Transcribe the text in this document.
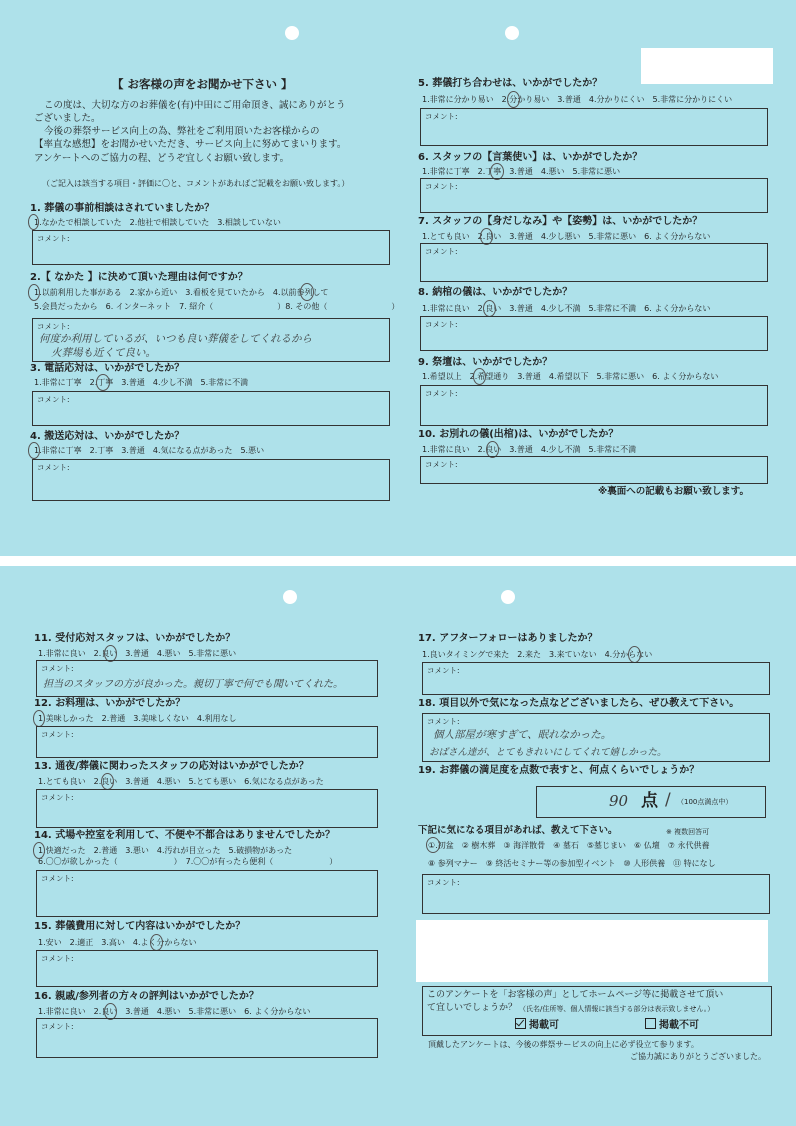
【 お客様の声をお聞かせ下さい 】
この度は、大切な方のお葬儀を(有)中田にご用命頂き、誠にありがとう
ございました。
今後の葬祭サービス向上の為、弊社をご利用頂いたお客様からの
【率直な感想】をお聞かせいただき、サービス向上に努めてまいります。
アンケートへのご協力の程、どうぞ宜しくお願い致します。
（ご記入は該当する項目・評価に〇と、コメントがあればご記載をお願い致します。）
1. 葬儀の事前相談はされていましたか？
1.なかたで相談していた　2.他社で相談していた　3.相談していない
コメント:
2.【 なかた 】に決めて頂いた理由は何ですか？
1.以前利用した事がある　2.家から近い　3.看板を見ていたから　4.以前参列して
5.会員だったから　6. インターネット　7. 紹介（　　　　　　　　）8. その他（　　　　　　　　）
コメント:
何度か利用しているが、いつも良い葬儀をしてくれるから
火葬場も近くて良い。
3. 電話応対は、いかがでしたか？
1.非常に丁寧　2.丁寧　3.普通　4.少し不満　5.非常に不満
コメント:
4. 搬送応対は、いかがでしたか？
1.非常に丁寧　2.丁寧　3.普通　4.気になる点があった　5.悪い
コメント:
5. 葬儀打ち合わせは、いかがでしたか？
1.非常に分かり易い　2.分かり易い　3.普通　4.分かりにくい　5.非常に分かりにくい
コメント:
6. スタッフの【言葉使い】は、いかがでしたか？
1.非常に丁寧　2.丁寧　3.普通　4.悪い　5.非常に悪い
コメント:
7. スタッフの【身だしなみ】や【姿勢】は、いかがでしたか？
1.とても良い　2.良い　3.普通　4.少し悪い　5.非常に悪い　6. よく分からない
コメント:
8. 納棺の儀は、いかがでしたか？
1.非常に良い　2.良い　3.普通　4.少し不満　5.非常に不満　6. よく分からない
コメント:
9. 祭壇は、いかがでしたか？
1.希望以上　2.希望通り　3.普通　4.希望以下　5.非常に悪い　6. よく分からない
コメント:
10. お別れの儀(出棺)は、いかがでしたか？
1.非常に良い　2.良い　3.普通　4.少し不満　5.非常に不満
コメント:
※裏面への記載もお願い致します。
11. 受付応対スタッフは、いかがでしたか？
1.非常に良い　2.良い　3.普通　4.悪い　5.非常に悪い
コメント:
担当のスタッフの方が良かった。親切丁寧で何でも聞いてくれた。
12. お料理は、いかがでしたか？
1.美味しかった　2.普通　3.美味しくない　4.利用なし
コメント:
13. 通夜/葬儀に関わったスタッフの応対はいかがでしたか？
1.とても良い　2.良い　3.普通　4.悪い　5.とても悪い　6.気になる点があった
コメント:
14. 式場や控室を利用して、不便や不都合はありませんでしたか？
1.快適だった　2.普通　3.悪い　4.汚れが目立った　5.破損物があった
6.〇〇が欲しかった（　　　　　　　）　7.〇〇が有ったら便利（　　　　　　　）
コメント:
15. 葬儀費用に対して内容はいかがでしたか？
1.安い　2.適正　3.高い　4.よく分からない
コメント:
16. 親戚/参列者の方々の評判はいかがでしたか？
1.非常に良い　2.良い　3.普通　4.悪い　5.非常に悪い　6. よく分からない
コメント:
17. アフターフォローはありましたか？
1.良いタイミングで来た　2.来た　3.来ていない　4.分からない
コメント:
18. 項目以外で気になった点などございましたら、ぜひ教えて下さい。
コメント:
個人部屋が寒すぎて、眠れなかった。
おばさん達が、とてもきれいにしてくれて嬉しかった。
19. お葬儀の満足度を点数で表すと、何点くらいでしょうか？
90 点 / （100点満点中）
下記に気になる項目があれば、教えて下さい。	※ 複数回答可
①.初盆　② 樹木葬　③ 海洋散骨　④ 墓石　⑤墓じまい　⑥ 仏壇　⑦ 永代供養
⑧ 参列マナー　⑨ 終活セミナー等の参加型イベント　⑩ 人形供養　⑪ 特になし
コメント:
このアンケートを「お客様の声」としてホームページ等に掲載させて頂い
て宜しいでしょうか？ （氏名/住所等、個人情報に該当する部分は表示致しません。）
掲載可	掲載不可
頂戴したアンケートは、今後の葬祭サービスの向上に必ず役立て参ります。
ご協力誠にありがとうございました。
